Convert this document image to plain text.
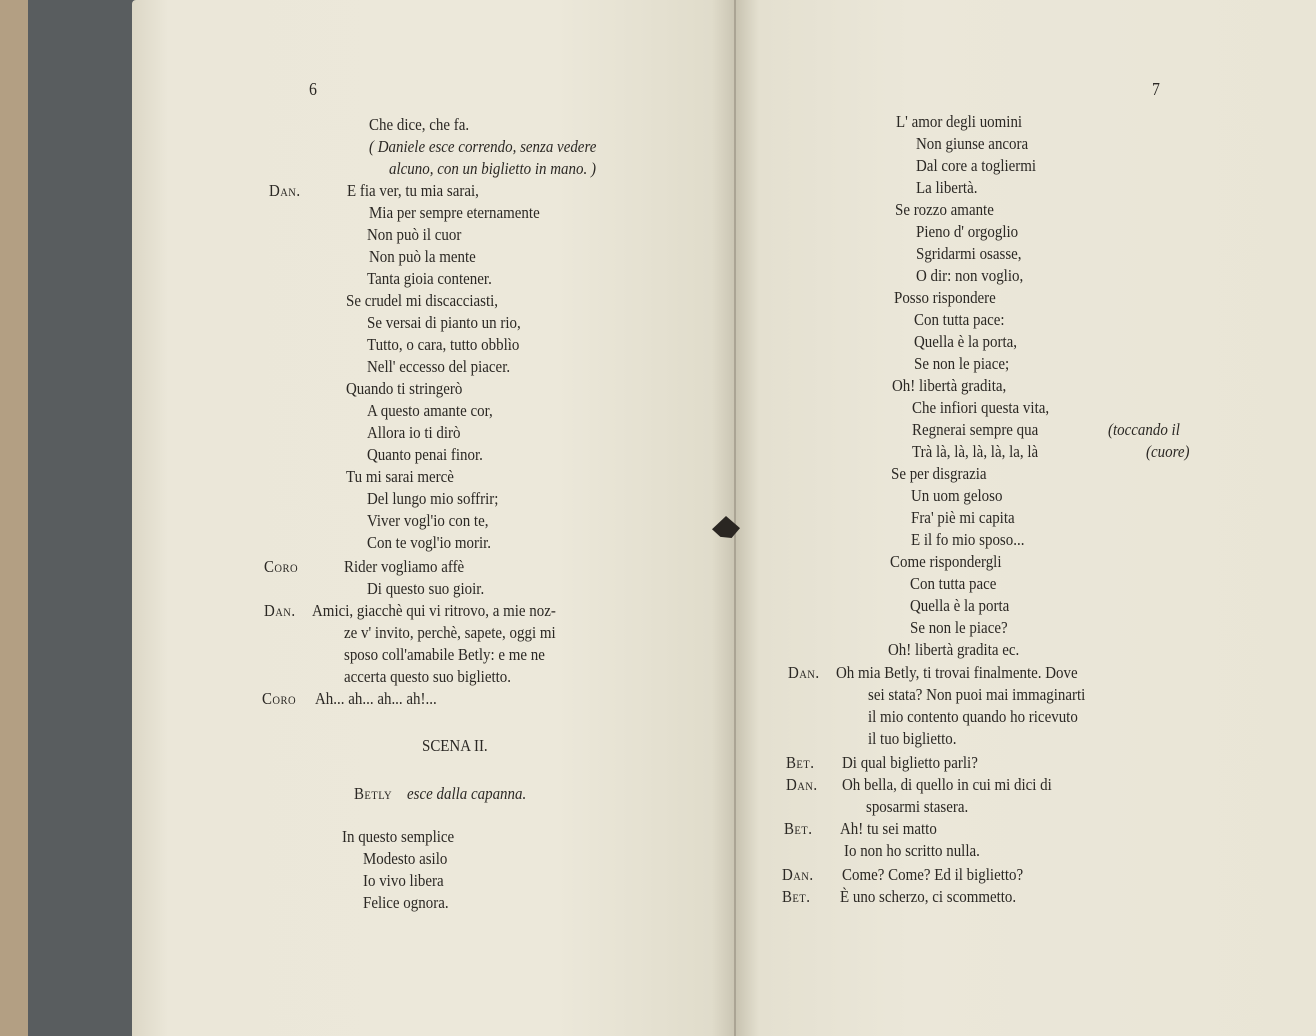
6
Che dice, che fa.
( Daniele esce correndo, senza vedere
alcuno, con un biglietto in mano. )
Dan.	E fia ver, tu mia sarai,
Mia per sempre eternamente
Non può il cuor
Non può la mente
Tanta gioia contener.
Se crudel mi discacciasti,
Se versai di pianto un rio,
Tutto, o cara, tutto obblìo
Nell' eccesso del piacer.
Quando ti stringerò
A questo amante cor,
Allora io ti dirò
Quanto penai finor.
Tu mi sarai mercè
Del lungo mio soffrir;
Viver vogl'io con te,
Con te vogl'io morir.
Coro	Rider vogliamo affè
Di questo suo gioir.
Dan. Amici, giacchè qui vi ritrovo, a mie noz-
ze v' invito, perchè, sapete, oggi mi
sposo coll'amabile Betly: e me ne
accerta questo suo biglietto.
Coro Ah... ah... ah... ah!...
SCENA II.
Betly esce dalla capanna.
In questo semplice
Modesto asilo
Io vivo libera
Felice ognora.
7
L' amor degli uomini
Non giunse ancora
Dal core a togliermi
La libertà.
Se rozzo amante
Pieno d' orgoglio
Sgridarmi osasse,
O dir: non voglio,
Posso rispondere
Con tutta pace:
Quella è la porta,
Se non le piace;
Oh! libertà gradita,
Che infiori questa vita,
Regnerai sempre qua	(toccando il
Trà là, là, là, là, la, là	(cuore)
Se per disgrazia
Un uom geloso
Fra' piè mi capita
E il fo mio sposo...
Come rispondergli
Con tutta pace
Quella è la porta
Se non le piace?
Oh! libertà gradita ec.
Dan. Oh mia Betly, ti trovai finalmente. Dove
sei stata? Non puoi mai immaginarti
il mio contento quando ho ricevuto
il tuo biglietto.
Bet. Di qual biglietto parli?
Dan. Oh bella, di quello in cui mi dici di
sposarmi stasera.
Bet. Ah! tu sei matto
Io non ho scritto nulla.
Dan. Come? Come? Ed il biglietto?
Bet. È uno scherzo, ci scommetto.
